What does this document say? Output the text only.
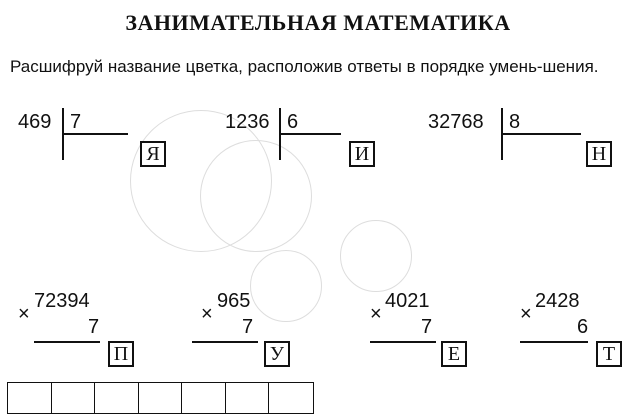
ЗАНИМАТЕЛЬНАЯ МАТЕМАТИКА
Расшифруй название цветка, расположив ответы в порядке умень-шения.
469 7
Я
1236 6
И
32768 8
Н
×
72394
7
П
×
965
7
У
×
4021
7
Е
×
2428
6
Т
